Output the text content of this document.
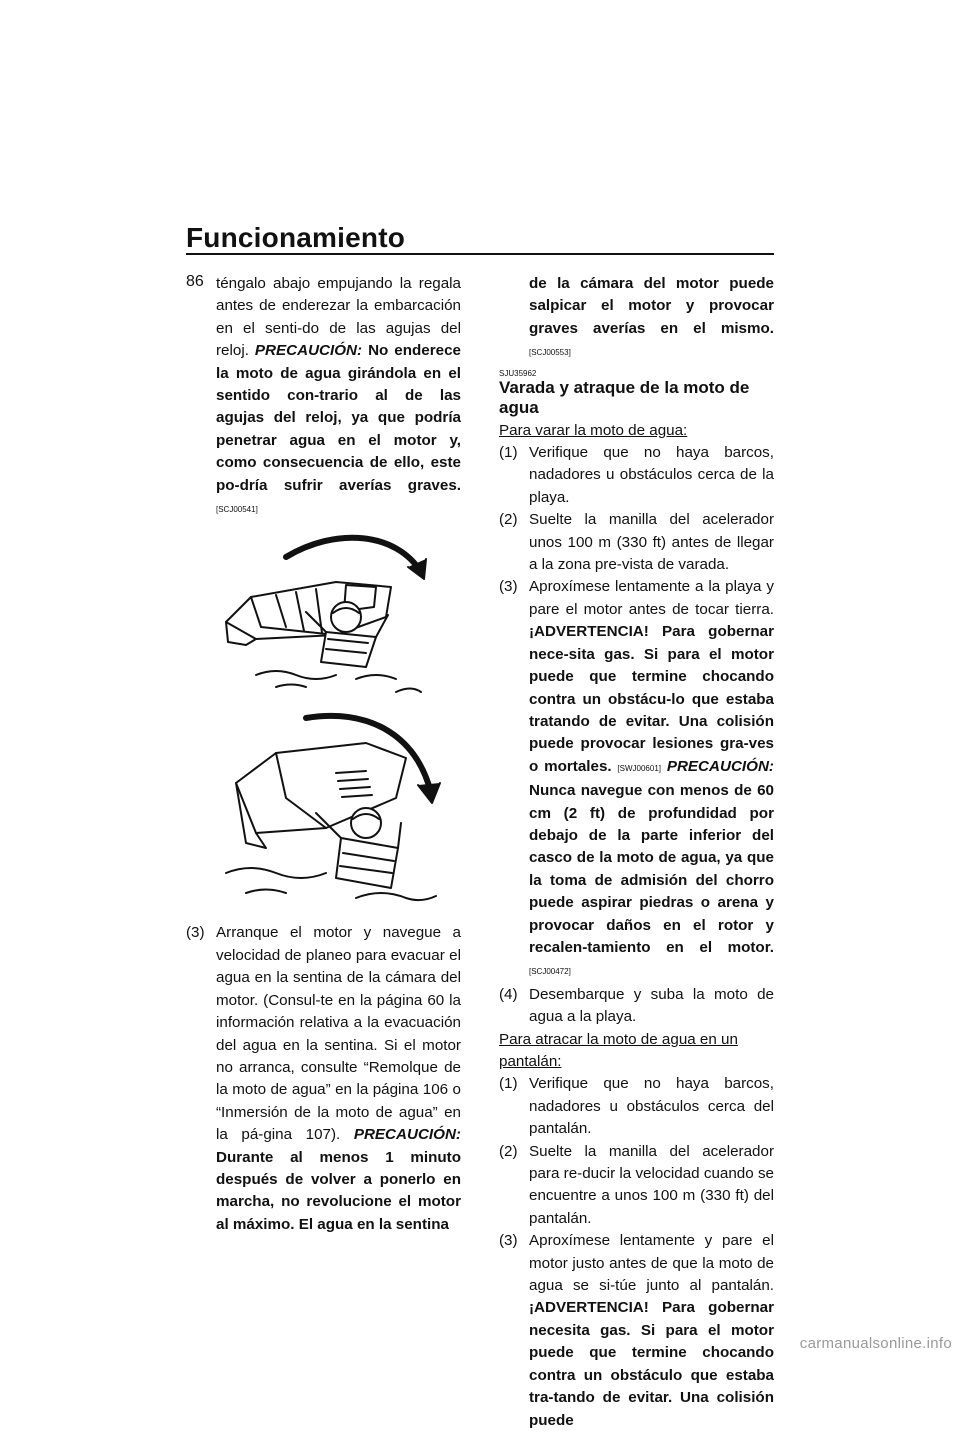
Funcionamiento
86 téngalo abajo empujando la regala antes de enderezar la embarcación en el senti-do de las agujas del reloj. PRECAUCIÓN: No enderece la moto de agua girándola en el sentido con-trario al de las agujas del reloj, ya que podría penetrar agua en el motor y, como consecuencia de ello, este po-dría sufrir averías graves. [SCJ00541]

(3) Arranque el motor y navegue a velocidad de planeo para evacuar el agua en la sentina de la cámara del motor. (Consul-te en la página 60 la información relativa a la evacuación del agua en la sentina. Si el motor no arranca, consulte “Remolque de la moto de agua” en la página 106 o “Inmersión de la moto de agua” en la pá-gina 107). PRECAUCIÓN: Durante al menos 1 minuto después de volver a ponerlo en marcha, no revolucione el motor al máximo. El agua en la sentina

de la cámara del motor puede salpicar el motor y provocar graves averías en el mismo. [SCJ00553]

SJU35962
Varada y atraque de la moto de agua

Para varar la moto de agua:

(1) Verifique que no haya barcos, nadadores u obstáculos cerca de la playa.

(2) Suelte la manilla del acelerador unos 100 m (330 ft) antes de llegar a la zona pre-vista de varada.

(3) Aproxímese lentamente a la playa y pare el motor antes de tocar tierra. ¡ADVERTENCIA! Para gobernar nece-sita gas. Si para el motor puede que termine chocando contra un obstácu-lo que estaba tratando de evitar. Una colisión puede provocar lesiones gra-ves o mortales. [SWJ00601] PRECAUCIÓN: Nunca navegue con menos de 60 cm (2 ft) de profundidad por debajo de la parte inferior del casco de la moto de agua, ya que la toma de admisión del chorro puede aspirar piedras o arena y provocar daños en el rotor y recalen-tamiento en el motor. [SCJ00472]

(4) Desembarque y suba la moto de agua a la playa.

Para atracar la moto de agua en un pantalán:

(1) Verifique que no haya barcos, nadadores u obstáculos cerca del pantalán.

(2) Suelte la manilla del acelerador para re-ducir la velocidad cuando se encuentre a unos 100 m (330 ft) del pantalán.

(3) Aproxímese lentamente y pare el motor justo antes de que la moto de agua se si-túe junto al pantalán. ¡ADVERTENCIA! Para gobernar necesita gas. Si para el motor puede que termine chocando contra un obstáculo que estaba tra-tando de evitar. Una colisión puede

carmanualsonline.info
